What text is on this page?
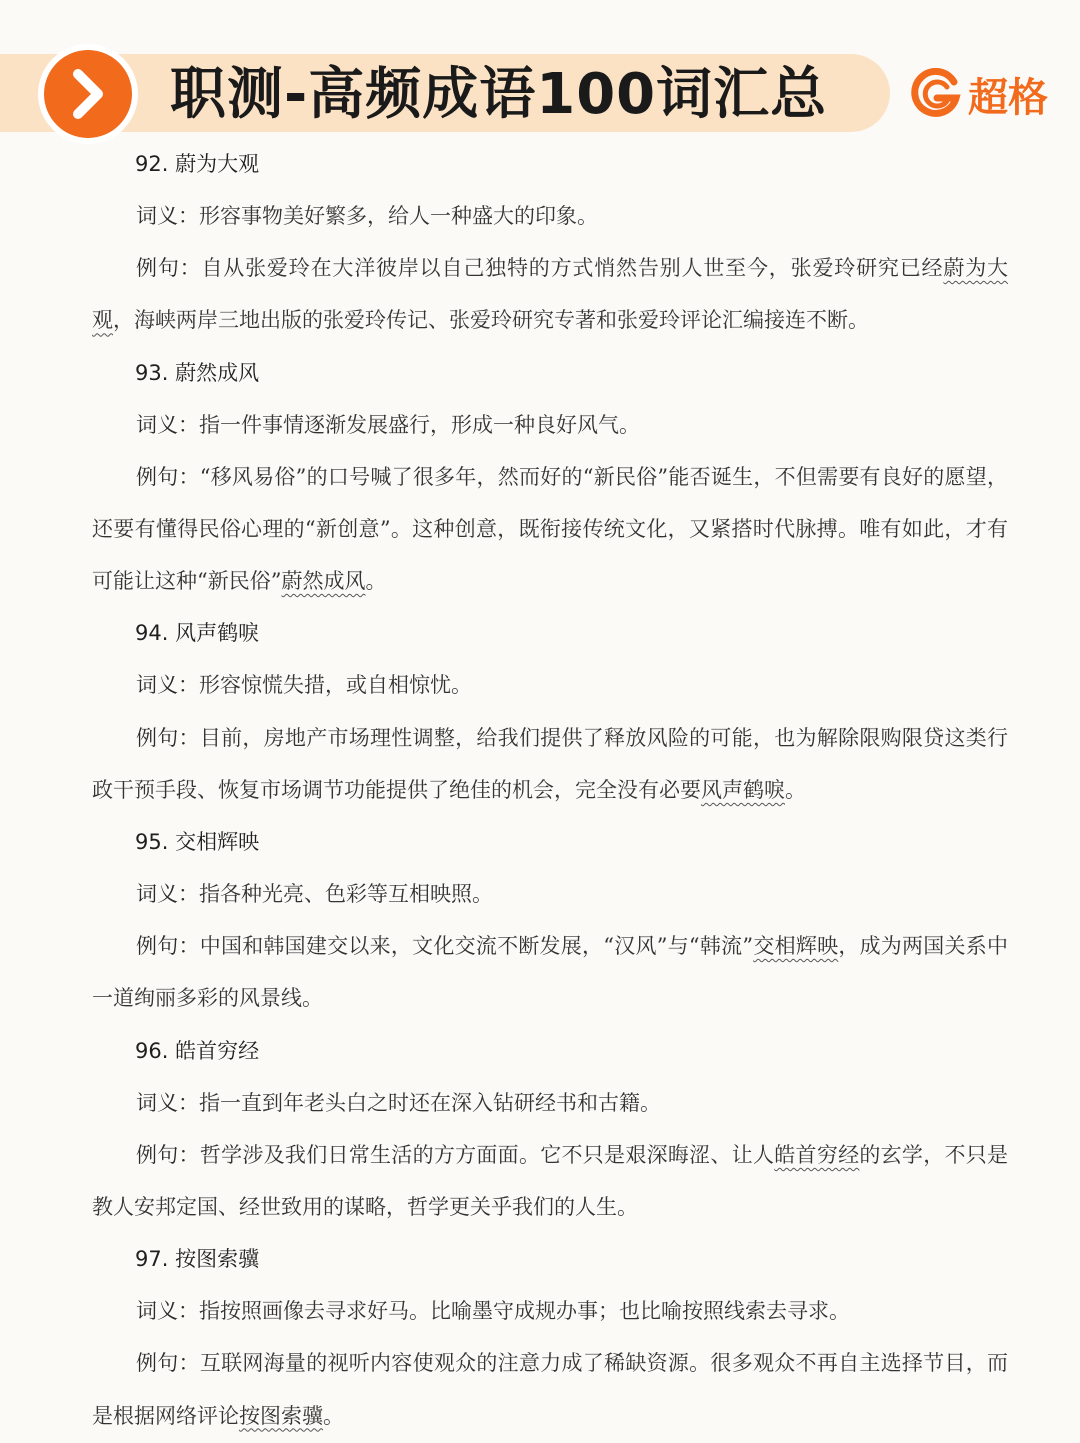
职测-高频成语100词汇总	超格
92. 蔚为大观

词义：形容事物美好繁多，给人一种盛大的印象。

例句：自从张爱玲在大洋彼岸以自己独特的方式悄然告别人世至今，张爱玲研究已经蔚为大观，海峡两岸三地出版的张爱玲传记、张爱玲研究专著和张爱玲评论汇编接连不断。

93. 蔚然成风

词义：指一件事情逐渐发展盛行，形成一种良好风气。

例句：“移风易俗”的口号喊了很多年，然而好的“新民俗”能否诞生，不但需要有良好的愿望，还要有懂得民俗心理的“新创意”。这种创意，既衔接传统文化，又紧搭时代脉搏。唯有如此，才有可能让这种“新民俗”蔚然成风。

94. 风声鹤唳

词义：形容惊慌失措，或自相惊忧。

例句：目前，房地产市场理性调整，给我们提供了释放风险的可能，也为解除限购限贷这类行政干预手段、恢复市场调节功能提供了绝佳的机会，完全没有必要风声鹤唳。

95. 交相辉映

词义：指各种光亮、色彩等互相映照。

例句：中国和韩国建交以来，文化交流不断发展，“汉风”与“韩流”交相辉映，成为两国关系中一道绚丽多彩的风景线。

96. 皓首穷经

词义：指一直到年老头白之时还在深入钻研经书和古籍。

例句：哲学涉及我们日常生活的方方面面。它不只是艰深晦涩、让人皓首穷经的玄学，不只是教人安邦定国、经世致用的谋略，哲学更关乎我们的人生。

97. 按图索骥

词义：指按照画像去寻求好马。比喻墨守成规办事；也比喻按照线索去寻求。

例句：互联网海量的视听内容使观众的注意力成了稀缺资源。很多观众不再自主选择节目，而是根据网络评论按图索骥。
